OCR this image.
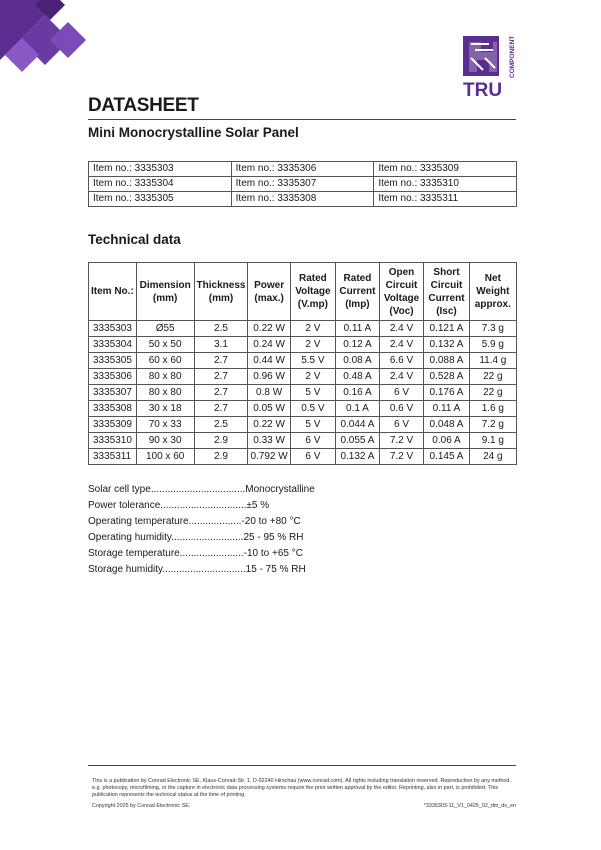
TRU
COMPONENTS
DATASHEET
Mini Monocrystalline Solar Panel
Item no.: 3335303	Item no.: 3335306	Item no.: 3335309
Item no.: 3335304	Item no.: 3335307	Item no.: 3335310
Item no.: 3335305	Item no.: 3335308	Item no.: 3335311
Technical data
Item No.:	Dimension (mm)	Thickness (mm)	Power (max.)	Rated Voltage (V.mp)	Rated Current (Imp)	Open Circuit Voltage (Voc)	Short Circuit Current (Isc)	Net Weight approx.
3335303	Ø55	2.5	0.22 W	2 V	0.11 A	2.4 V	0.121 A	7.3 g
3335304	50 x 50	3.1	0.24 W	2 V	0.12 A	2.4 V	0.132 A	5.9 g
3335305	60 x 60	2.7	0.44 W	5.5 V	0.08 A	6.6 V	0.088 A	11.4 g
3335306	80 x 80	2.7	0.96 W	2 V	0.48 A	2.4 V	0.528 A	22 g
3335307	80 x 80	2.7	0.8 W	5 V	0.16 A	6 V	0.176 A	22 g
3335308	30 x 18	2.7	0.05 W	0.5 V	0.1 A	0.6 V	0.11 A	1.6 g
3335309	70 x 33	2.5	0.22 W	5 V	0.044 A	6 V	0.048 A	7.2 g
3335310	90 x 30	2.9	0.33 W	6 V	0.055 A	7.2 V	0.06 A	9.1 g
3335311	100 x 60	2.9	0.792 W	6 V	0.132 A	7.2 V	0.145 A	24 g
Solar cell type..................................Monocrystalline
Power tolerance...............................±5 %
Operating temperature...................-20 to +80 °C
Operating humidity..........................25 - 95 % RH
Storage temperature.......................-10 to +65 °C
Storage humidity..............................15 - 75 % RH
This is a publication by Conrad Electronic SE, Klaus-Conrad-Str. 1, D-92240 Hirschau (www.conrad.com). All rights including translation reserved. Reproduction by any method, e.g. photocopy, microfilming, or the capture in electronic data processing systems require the prior written approval by the editor. Reprinting, also in part, is prohibited. This publication represents the technical status at the time of printing.
Copyright 2025 by Conrad Electronic SE.	*3335303-11_V1_0425_02_dm_ds_en
